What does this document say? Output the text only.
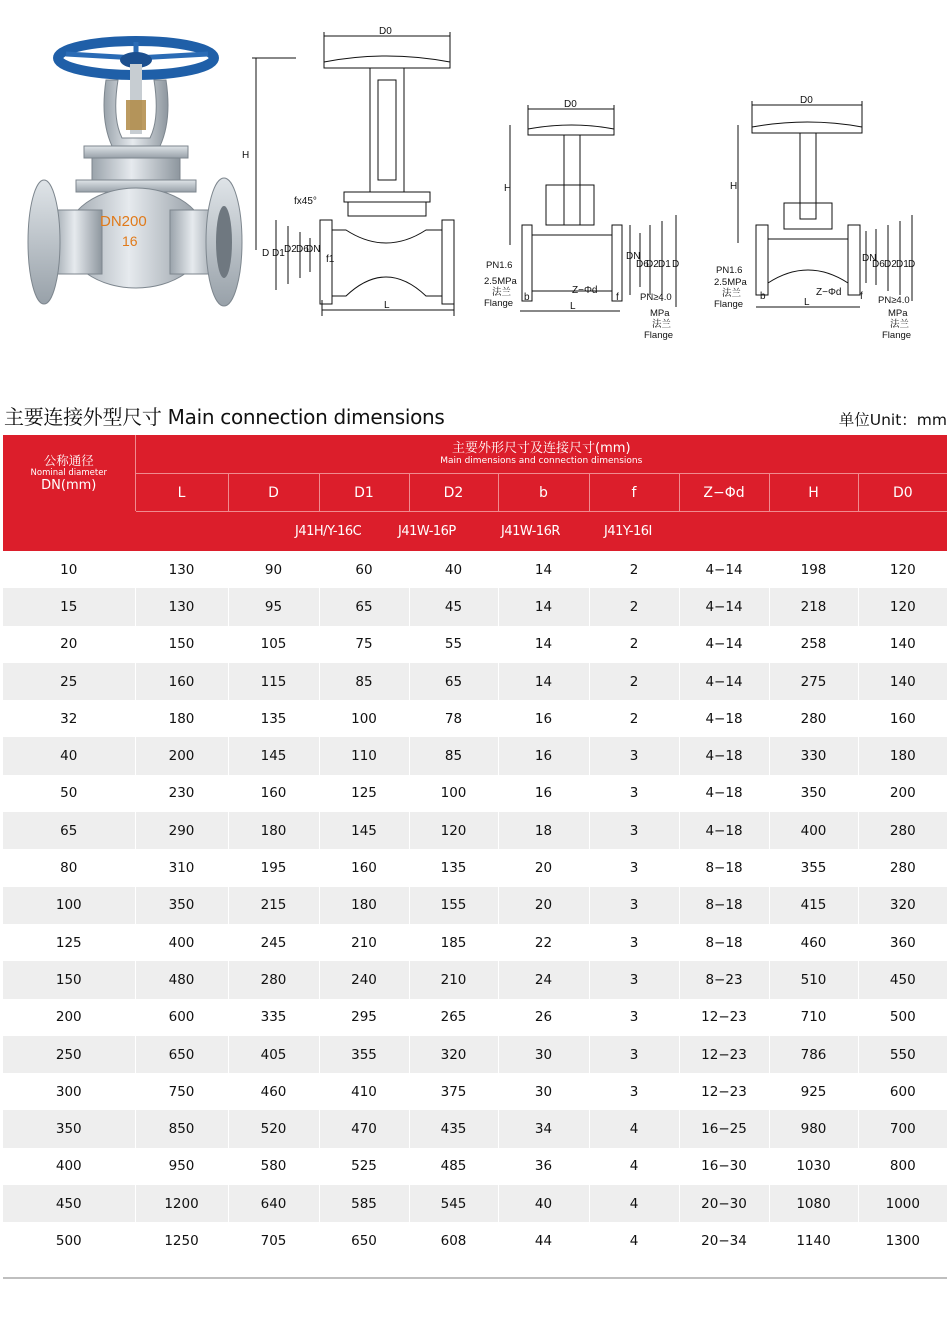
DN200
16
D0
H
fx45°
D D1 D2 D6
DN
f1
L
D0
H
PN1.6
2.5MPa
法兰
Flange
b
Z−Φd
f
L
PN≥4.0
MPa
法兰
Flange
DN
D6
D2 D1 D
D0
H
PN1.6
2.5MPa
法兰
Flange
b	Z−Φd f
L	PN≥4.0
MPa
法兰
Flange
DN
D6 D2 D1 D
主要连接外型尺寸 Main connection dimensions	单位Unit：mm
公称通径
Nominal diameter
DN(mm)	主要外形尺寸及连接尺寸(mm)
Main dimensions and connection dimensions								

	L	D	D1	D2	b	f	Z−Φd	H	D0

J41H/Y-16C J41W-16P J41W-16R J41Y-16I									

10	130	90	60	40	14	2	4−14	198	120
15	130	95	65	45	14	2	4−14	218	120
20	150	105	75	55	14	2	4−14	258	140
25	160	115	85	65	14	2	4−14	275	140
32	180	135	100	78	16	2	4−18	280	160
40	200	145	110	85	16	3	4−18	330	180
50	230	160	125	100	16	3	4−18	350	200
65	290	180	145	120	18	3	4−18	400	280
80	310	195	160	135	20	3	8−18	355	280
100	350	215	180	155	20	3	8−18	415	320
125	400	245	210	185	22	3	8−18	460	360
150	480	280	240	210	24	3	8−23	510	450
200	600	335	295	265	26	3	12−23	710	500
250	650	405	355	320	30	3	12−23	786	550
300	750	460	410	375	30	3	12−23	925	600
350	850	520	470	435	34	4	16−25	980	700
400	950	580	525	485	36	4	16−30	1030	800
450	1200	640	585	545	40	4	20−30	1080	1000
500	1250	705	650	608	44	4	20−34	1140	1300
